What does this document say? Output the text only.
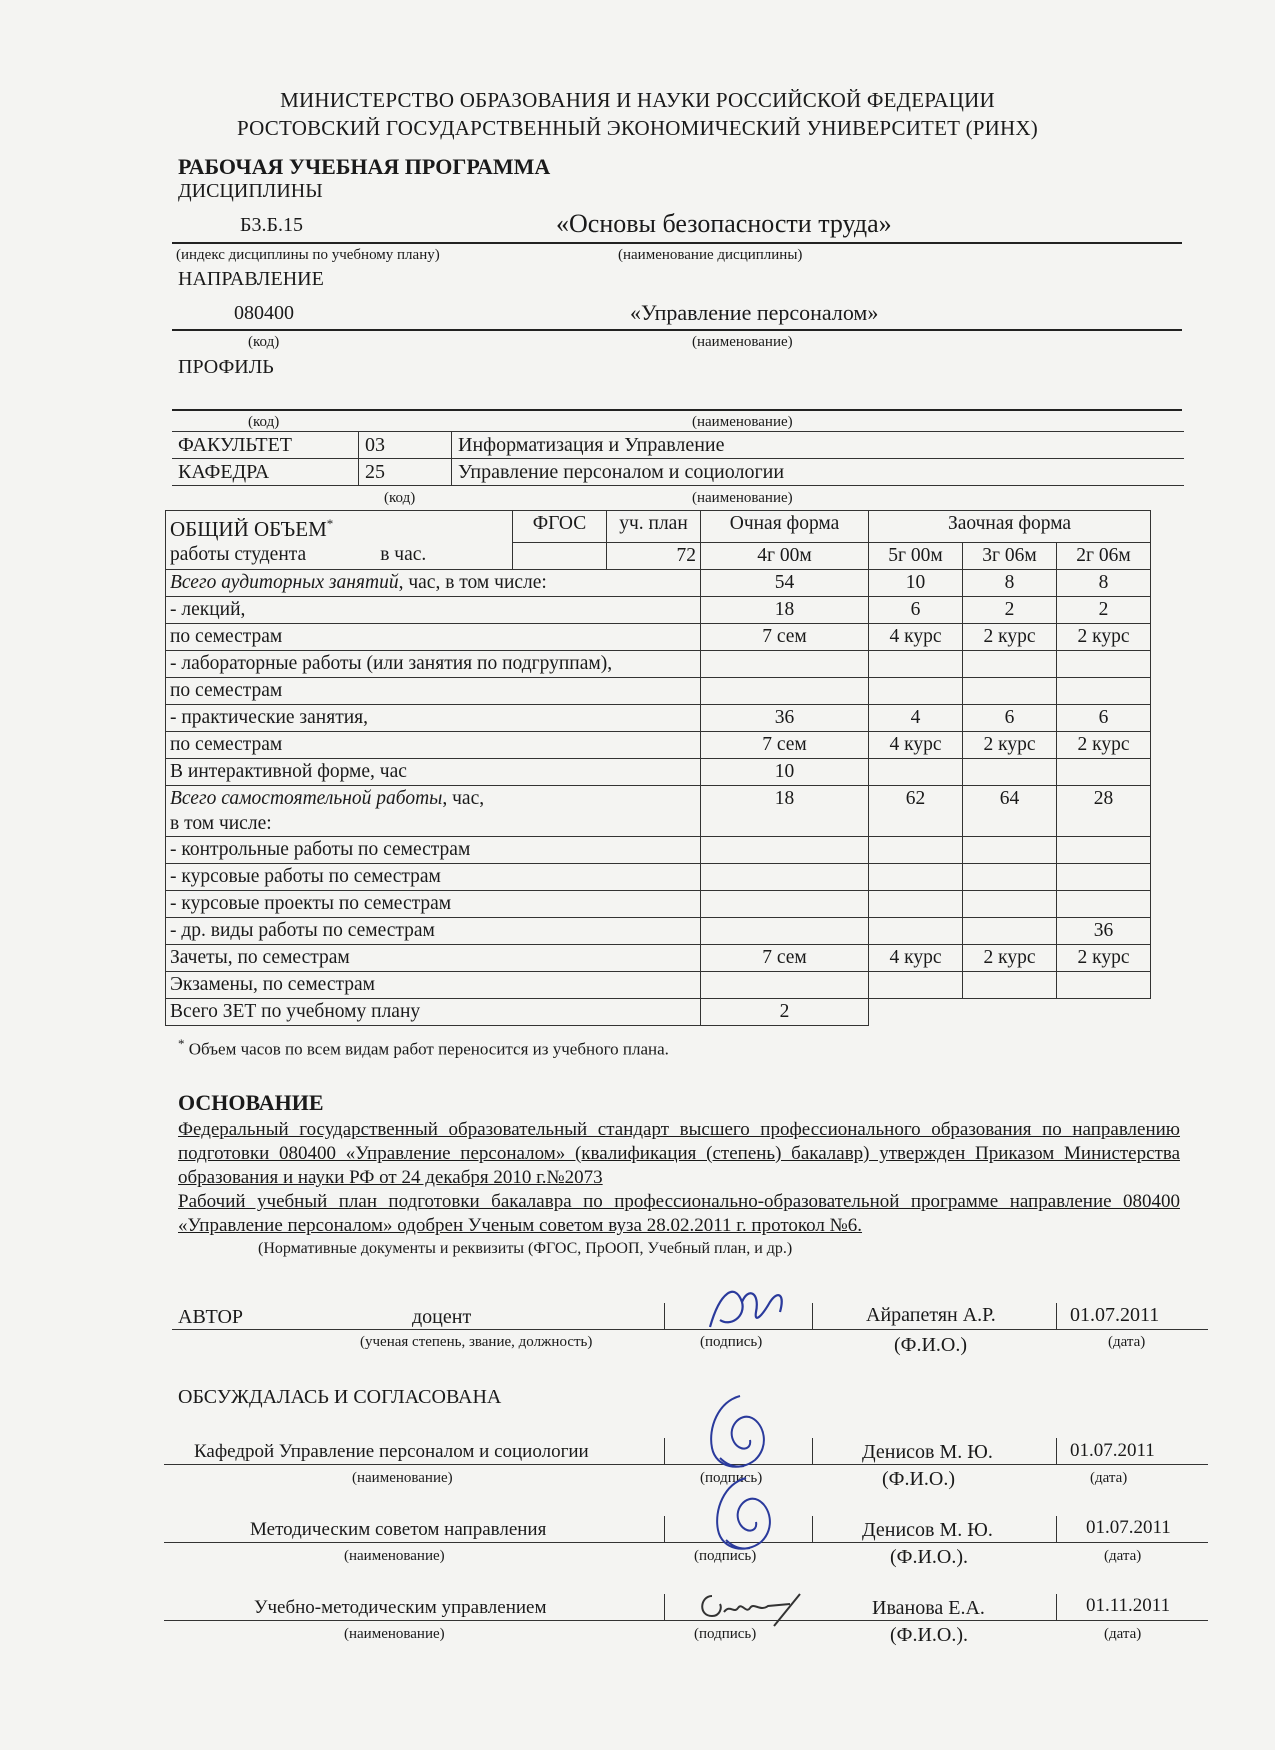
МИНИСТЕРСТВО ОБРАЗОВАНИЯ И НАУКИ РОССИЙСКОЙ ФЕДЕРАЦИИ
РОСТОВСКИЙ ГОСУДАРСТВЕННЫЙ ЭКОНОМИЧЕСКИЙ УНИВЕРСИТЕТ (РИНХ)
РАБОЧАЯ УЧЕБНАЯ ПРОГРАММА
ДИСЦИПЛИНЫ
Б3.Б.15	«Основы безопасности труда»
(индекс дисциплины по учебному плану)	(наименование дисциплины)
НАПРАВЛЕНИЕ
080400	«Управление персоналом»
(код)	(наименование)
ПРОФИЛЬ
(код)	(наименование)
ФАКУЛЬТЕТ	03	Информатизация и Управление
КАФЕДРА	25	Управление персоналом и социологии
(код)	(наименование)
ОБЩИЙ ОБЪЕМ*	ФГОС	уч. план	Очная форма	Заочная форма		
работы студента в час.		72	4г 00м	5г 00м	3г 06м	2г 06м
Всего аудиторных занятий, час, в том числе:			54	10	8	8
- лекций,			18	6	2	2
по семестрам			7 сем	4 курс	2 курс	2 курс
- лабораторные работы (или занятия по подгруппам),						
по семестрам						
- практические занятия,			36	4	6	6
по семестрам			7 сем	4 курс	2 курс	2 курс
В интерактивной форме, час			10			
Всего самостоятельной работы, час,
в том числе:			18	62	64	28
- контрольные работы по семестрам						
- курсовые работы по семестрам						
- курсовые проекты по семестрам						
- др. виды работы по семестрам						36
Зачеты, по семестрам			7 сем	4 курс	2 курс	2 курс
Экзамены, по семестрам						
Всего ЗЕТ по учебному плану			2			
* Объем часов по всем видам работ переносится из учебного плана.
ОСНОВАНИЕ
Федеральный государственный образовательный стандарт высшего профессионального образования по направлению подготовки 080400 «Управление персоналом» (квалификация (степень) бакалавр) утвержден Приказом Министерства образования и науки РФ от 24 декабря 2010 г.№2073
Рабочий учебный план подготовки бакалавра по профессионально-образовательной программе направление 080400 «Управление персоналом» одобрен Ученым советом вуза 28.02.2011 г. протокол №6.
(Нормативные документы и реквизиты (ФГОС, ПрООП, Учебный план, и др.)
АВТОР	доцент	Айрапетян А.Р.	01.07.2011
(ученая степень, звание, должность)	(подпись)	(Ф.И.О.)	(дата)
ОБСУЖДАЛАСЬ И СОГЛАСОВАНА
Кафедрой Управление персоналом и социологии	Денисов М. Ю.	01.07.2011
(наименование)	(подпись)	(Ф.И.О.)	(дата)
Методическим советом направления	Денисов М. Ю.	01.07.2011
(наименование)	(подпись)	(Ф.И.О.).	(дата)
Учебно-методическим управлением	Иванова Е.А.	01.11.2011
(наименование)	(подпись)	(Ф.И.О.).	(дата)
